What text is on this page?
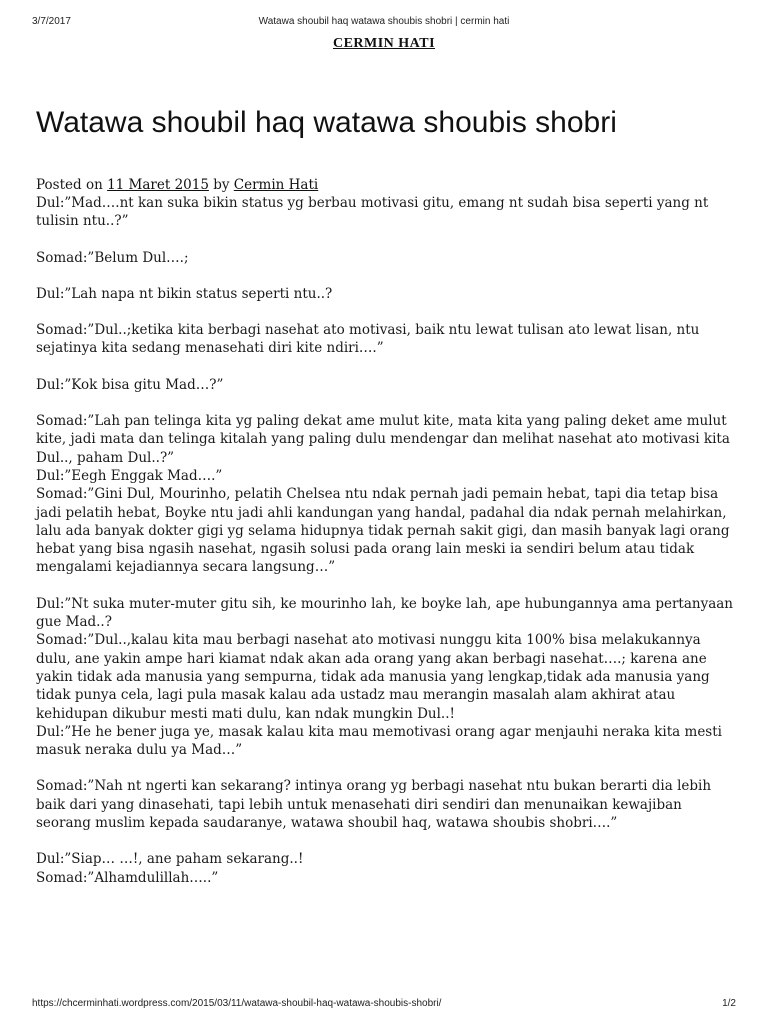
3/7/2017	Watawa shoubil haq watawa shoubis shobri | cermin hati
CERMIN HATI
Watawa shoubil haq watawa shoubis shobri
Posted on 11 Maret 2015 by Cermin Hati

Dul:”Mad….nt kan suka bikin status yg berbau motivasi gitu, emang nt sudah bisa seperti yang nt tulisin ntu..?”

Somad:”Belum Dul….;

Dul:”Lah napa nt bikin status seperti ntu..?

Somad:”Dul..;ketika kita berbagi nasehat ato motivasi, baik ntu lewat tulisan ato lewat lisan, ntu sejatinya kita sedang menasehati diri kite ndiri….”

Dul:”Kok bisa gitu Mad…?”

Somad:”Lah pan telinga kita yg paling dekat ame mulut kite, mata kita yang paling deket ame mulut kite, jadi mata dan telinga kitalah yang paling dulu mendengar dan melihat nasehat ato motivasi kita Dul.., paham Dul..?”
Dul:”Eegh Enggak Mad….”
Somad:”Gini Dul, Mourinho, pelatih Chelsea ntu ndak pernah jadi pemain hebat, tapi dia tetap bisa jadi pelatih hebat, Boyke ntu jadi ahli kandungan yang handal, padahal dia ndak pernah melahirkan, lalu ada banyak dokter gigi yg selama hidupnya tidak pernah sakit gigi, dan masih banyak lagi orang hebat yang bisa ngasih nasehat, ngasih solusi pada orang lain meski ia sendiri belum atau tidak mengalami kejadiannya secara langsung…”

Dul:”Nt suka muter-muter gitu sih, ke mourinho lah, ke boyke lah, ape hubungannya ama pertanyaan gue Mad..?
Somad:”Dul..,kalau kita mau berbagi nasehat ato motivasi nunggu kita 100% bisa melakukannya dulu, ane yakin ampe hari kiamat ndak akan ada orang yang akan berbagi nasehat….; karena ane yakin tidak ada manusia yang sempurna, tidak ada manusia yang lengkap,tidak ada manusia yang tidak punya cela, lagi pula masak kalau ada ustadz mau merangin masalah alam akhirat atau kehidupan dikubur mesti mati dulu, kan ndak mungkin Dul..!
Dul:”He he bener juga ye, masak kalau kita mau memotivasi orang agar menjauhi neraka kita mesti masuk neraka dulu ya Mad…”

Somad:”Nah nt ngerti kan sekarang? intinya orang yg berbagi nasehat ntu bukan berarti dia lebih baik dari yang dinasehati, tapi lebih untuk menasehati diri sendiri dan menunaikan kewajiban seorang muslim kepada saudaranye, watawa shoubil haq, watawa shoubis shobri….”

Dul:”Siap… …!, ane paham sekarang..!
Somad:”Alhamdulillah…..”

https://chcerminhati.wordpress.com/2015/03/11/watawa-shoubil-haq-watawa-shoubis-shobri/	1/2
